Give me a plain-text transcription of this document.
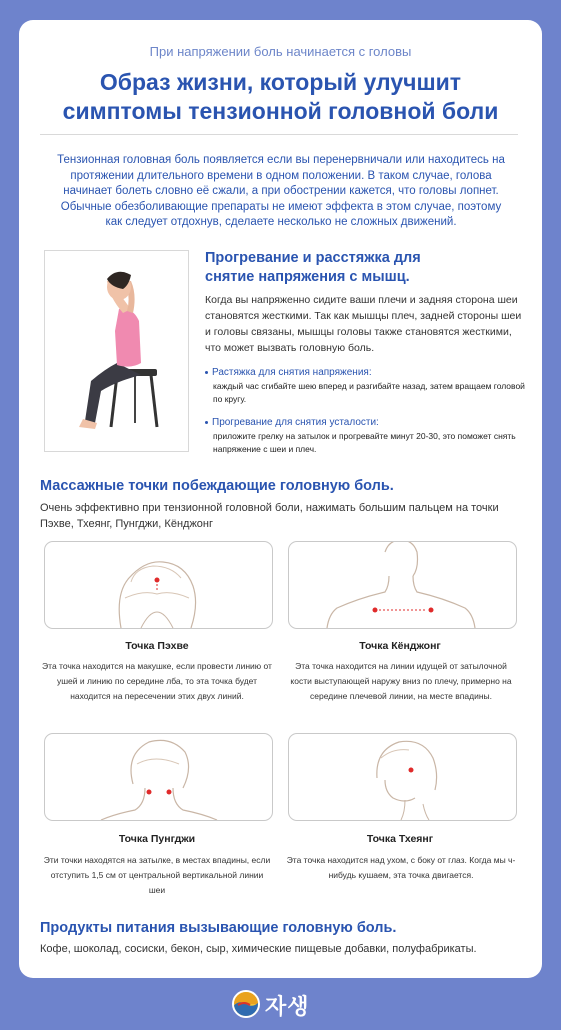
При напряжении боль начинается с головы
Образ жизни, который улучшит
симптомы тензионной головной боли
Тензионная головная боль появляется если вы перенервничали или находитесь на протяжении длительного времени в одном положении. В таком случае, голова начинает болеть словно её сжали, а при обострении кажется, что головы лопнет. Обычные обезболивающие препараты не имеют эффекта в этом случае, поэтому как следует отдохнув, сделаете несколько не сложных движений.
Прогревание и расстяжка для
снятие напряжения с мышц.
Когда вы напряженно сидите ваши плечи и задняя сторона шеи становятся жесткими. Так как мышцы плеч, задней стороны шеи и головы связаны, мышцы головы также становятся жесткими, что может вызвать головную боль.
Растяжка для снятия напряжения:
каждый час сгибайте шею вперед и разгибайте назад, затем вращаем головой по кругу.
Прогревание для снятия усталости:
приложите грелку на затылок и прогревайте минут 20-30, это поможет снять напряжение с шеи и плеч.
Массажные точки побеждающие головную боль.
Очень эффективно при тензионной головной боли, нажимать большим пальцем на точки Пэхве, Тхеянг, Пунгджи, Кёнджонг
Точка Пэхве
Эта точка находится на макушке, если провести линию от ушей и линию по середине лба, то эта точка будет находится на пересечении этих двух линий.
Точка Кёнджонг
Эта точка находится на линии идущей от затылочной кости выступающей наружу вниз по плечу, примерно на середине плечевой линии, на месте впадины.
Точка Пунгджи
Эти точки находятся на затылке, в местах впадины, если отступить 1,5 см от центральной вертикальной линии шеи
Точка Тхеянг
Эта точка находится над ухом, с боку от глаз. Когда мы ч-нибудь кушаем, эта точка двигается.
Продукты питания вызывающие головную боль.
Кофе, шоколад, сосиски, бекон, сыр, химические пищевые добавки, полуфабрикаты.
자생
